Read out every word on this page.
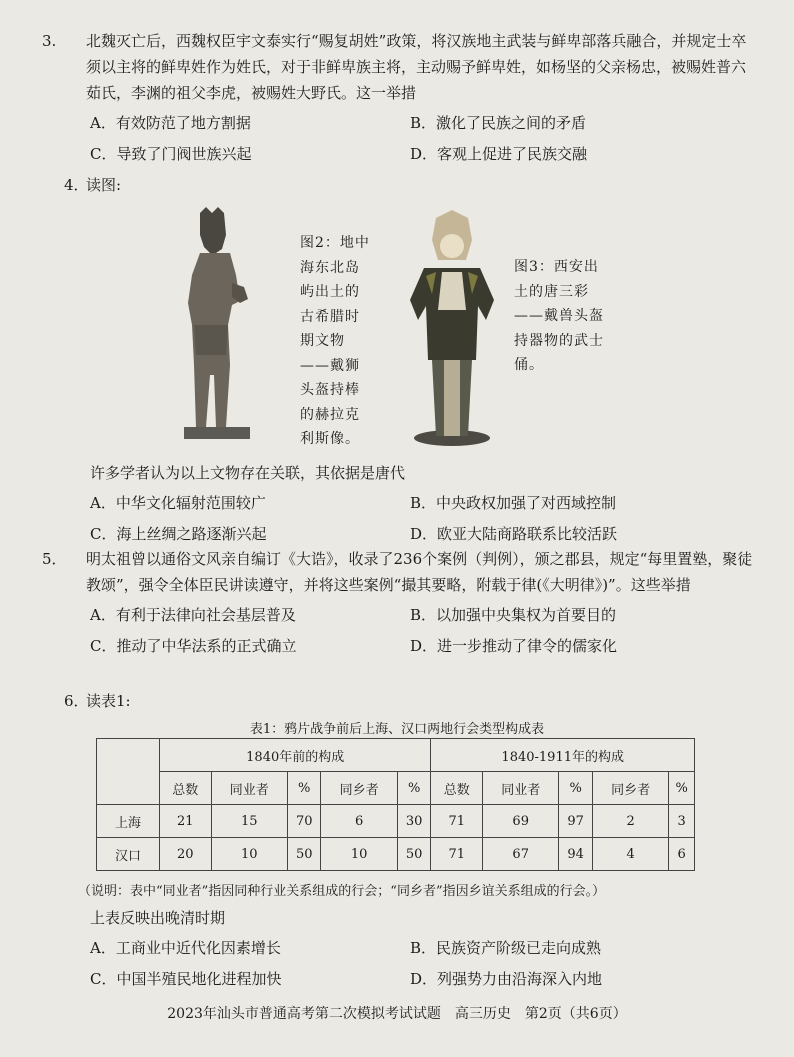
3. 北魏灭亡后，西魏权臣宇文泰实行“赐复胡姓”政策，将汉族地主武装与鲜卑部落兵融合，并规定士卒须以主将的鲜卑姓作为姓氏，对于非鲜卑族主将，主动赐予鲜卑姓，如杨坚的父亲杨忠，被赐姓普六茹氏，李渊的祖父李虎，被赐姓大野氏。这一举措
A．有效防范了地方割据	B．激化了民族之间的矛盾
C．导致了门阀世族兴起	D．客观上促进了民族交融
4．读图:
图2：地中海东北岛屿出土的古希腊时期文物——戴狮头盔持棒的赫拉克利斯像。
图3：西安出土的唐三彩——戴兽头盔持器物的武士俑。
许多学者认为以上文物存在关联，其依据是唐代
A．中华文化辐射范围较广	B．中央政权加强了对西域控制
C．海上丝绸之路逐渐兴起	D．欧亚大陆商路联系比较活跃
5． 明太祖曾以通俗文风亲自编订《大诰》，收录了236个案例（判例），颁之郡县，规定“每里置塾，聚徒教颂”，强令全体臣民讲读遵守，并将这些案例“撮其要略，附载于律(《大明律》)”。这些举措
A．有利于法律向社会基层普及	B．以加强中央集权为首要目的
C．推动了中华法系的正式确立	D．进一步推动了律令的儒家化
6．读表1:
表1：鸦片战争前后上海、汉口两地行会类型构成表
	1840年前的构成					1840-1911年的构成				
	总数	同业者	%	同乡者	%	总数	同业者	%	同乡者	%
上海	21	15	70	6	30	71	69	97	2	3
汉口	20	10	50	10	50	71	67	94	4	6
（说明：表中“同业者”指因同种行业关系组成的行会；“同乡者”指因乡谊关系组成的行会。）
上表反映出晚清时期
A．工商业中近代化因素增长	B．民族资产阶级已走向成熟
C．中国半殖民地化进程加快	D．列强势力由沿海深入内地
2023年汕头市普通高考第二次模拟考试试题　高三历史　第2页（共6页）
